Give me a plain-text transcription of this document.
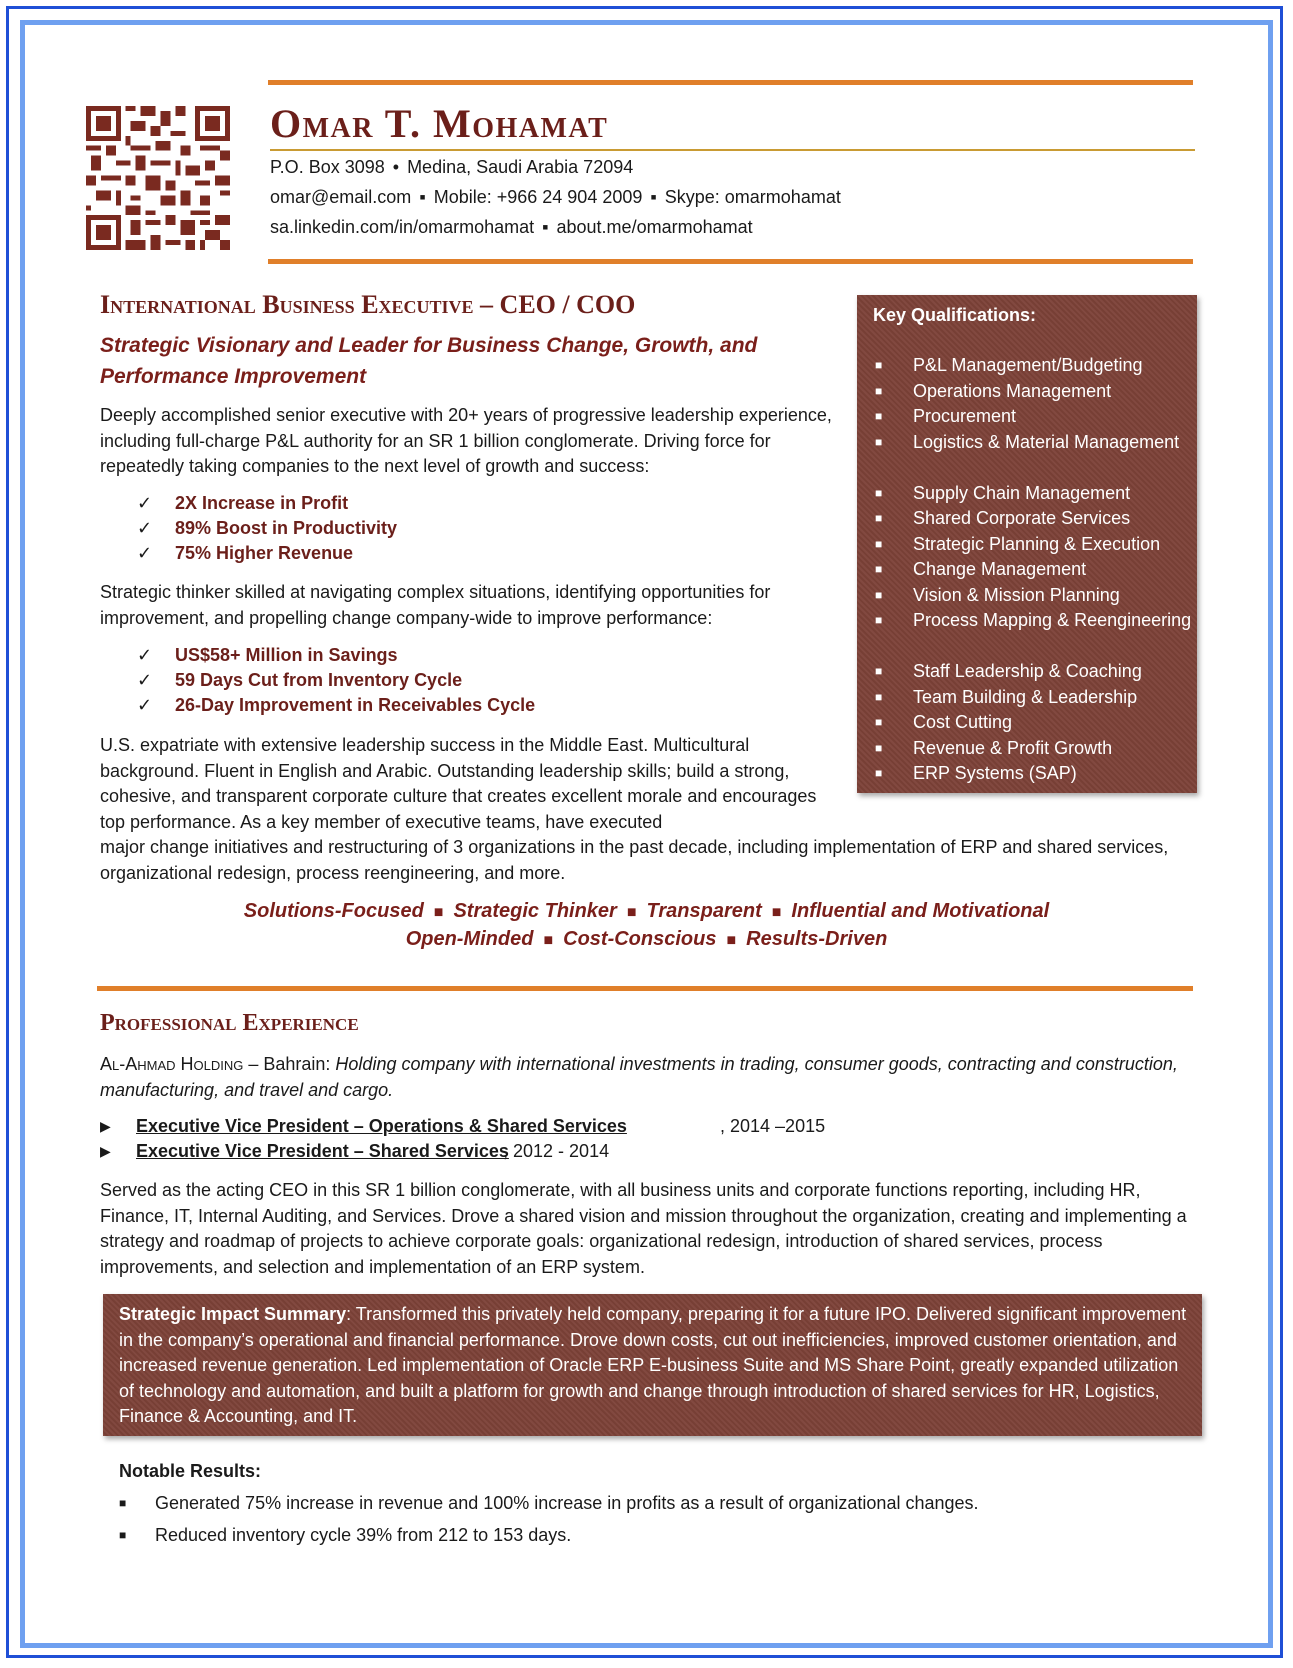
Omar T. Mohamat
P.O. Box 3098 • Medina, Saudi Arabia 72094
omar@email.com ▪ Mobile: +966 24 904 2009 ▪ Skype: omarmohamat
sa.linkedin.com/in/omarmohamat ▪ about.me/omarmohamat
International Business Executive – CEO / COO
Strategic Visionary and Leader for Business Change, Growth, and Performance Improvement
Deeply accomplished senior executive with 20+ years of progressive leadership experience, including full-charge P&L authority for an SR 1 billion conglomerate. Driving force for repeatedly taking companies to the next level of growth and success:
✓ 2X Increase in Profit
✓ 89% Boost in Productivity
✓ 75% Higher Revenue
Strategic thinker skilled at navigating complex situations, identifying opportunities for improvement, and propelling change company-wide to improve performance:
✓ US$58+ Million in Savings
✓ 59 Days Cut from Inventory Cycle
✓ 26-Day Improvement in Receivables Cycle
U.S. expatriate with extensive leadership success in the Middle East. Multicultural background. Fluent in English and Arabic. Outstanding leadership skills; build a strong, cohesive, and transparent corporate culture that creates excellent morale and encourages top performance. As a key member of executive teams, have executed
major change initiatives and restructuring of 3 organizations in the past decade, including implementation of ERP and shared services, organizational redesign, process reengineering, and more.
Key Qualifications:
■ P&L Management/Budgeting
■ Operations Management
■ Procurement
■ Logistics & Material Management
■ Supply Chain Management
■ Shared Corporate Services
■ Strategic Planning & Execution
■ Change Management
■ Vision & Mission Planning
■ Process Mapping & Reengineering
■ Staff Leadership & Coaching
■ Team Building & Leadership
■ Cost Cutting
■ Revenue & Profit Growth
■ ERP Systems (SAP)
Solutions-Focused ■ Strategic Thinker ■ Transparent ■ Influential and Motivational
Open-Minded ■ Cost-Conscious ■ Results-Driven
Professional Experience
Al-Ahmad Holding – Bahrain: Holding company with international investments in trading, consumer goods, contracting and construction, manufacturing, and travel and cargo.
▶ Executive Vice President – Operations & Shared Services	, 2014 –2015
▶ Executive Vice President – Shared Services
, 2012 - 2014
Served as the acting CEO in this SR 1 billion conglomerate, with all business units and corporate functions reporting, including HR, Finance, IT, Internal Auditing, and Services. Drove a shared vision and mission throughout the organization, creating and implementing a strategy and roadmap of projects to achieve corporate goals: organizational redesign, introduction of shared services, process improvements, and selection and implementation of an ERP system.
Strategic Impact Summary: Transformed this privately held company, preparing it for a future IPO. Delivered significant improvement in the company’s operational and financial performance. Drove down costs, cut out inefficiencies, improved customer orientation, and increased revenue generation. Led implementation of Oracle ERP E-business Suite and MS Share Point, greatly expanded utilization of technology and automation, and built a platform for growth and change through introduction of shared services for HR, Logistics, Finance & Accounting, and IT.
Notable Results:
■ Generated 75% increase in revenue and 100% increase in profits as a result of organizational changes.
■ Reduced inventory cycle 39% from 212 to 153 days.
